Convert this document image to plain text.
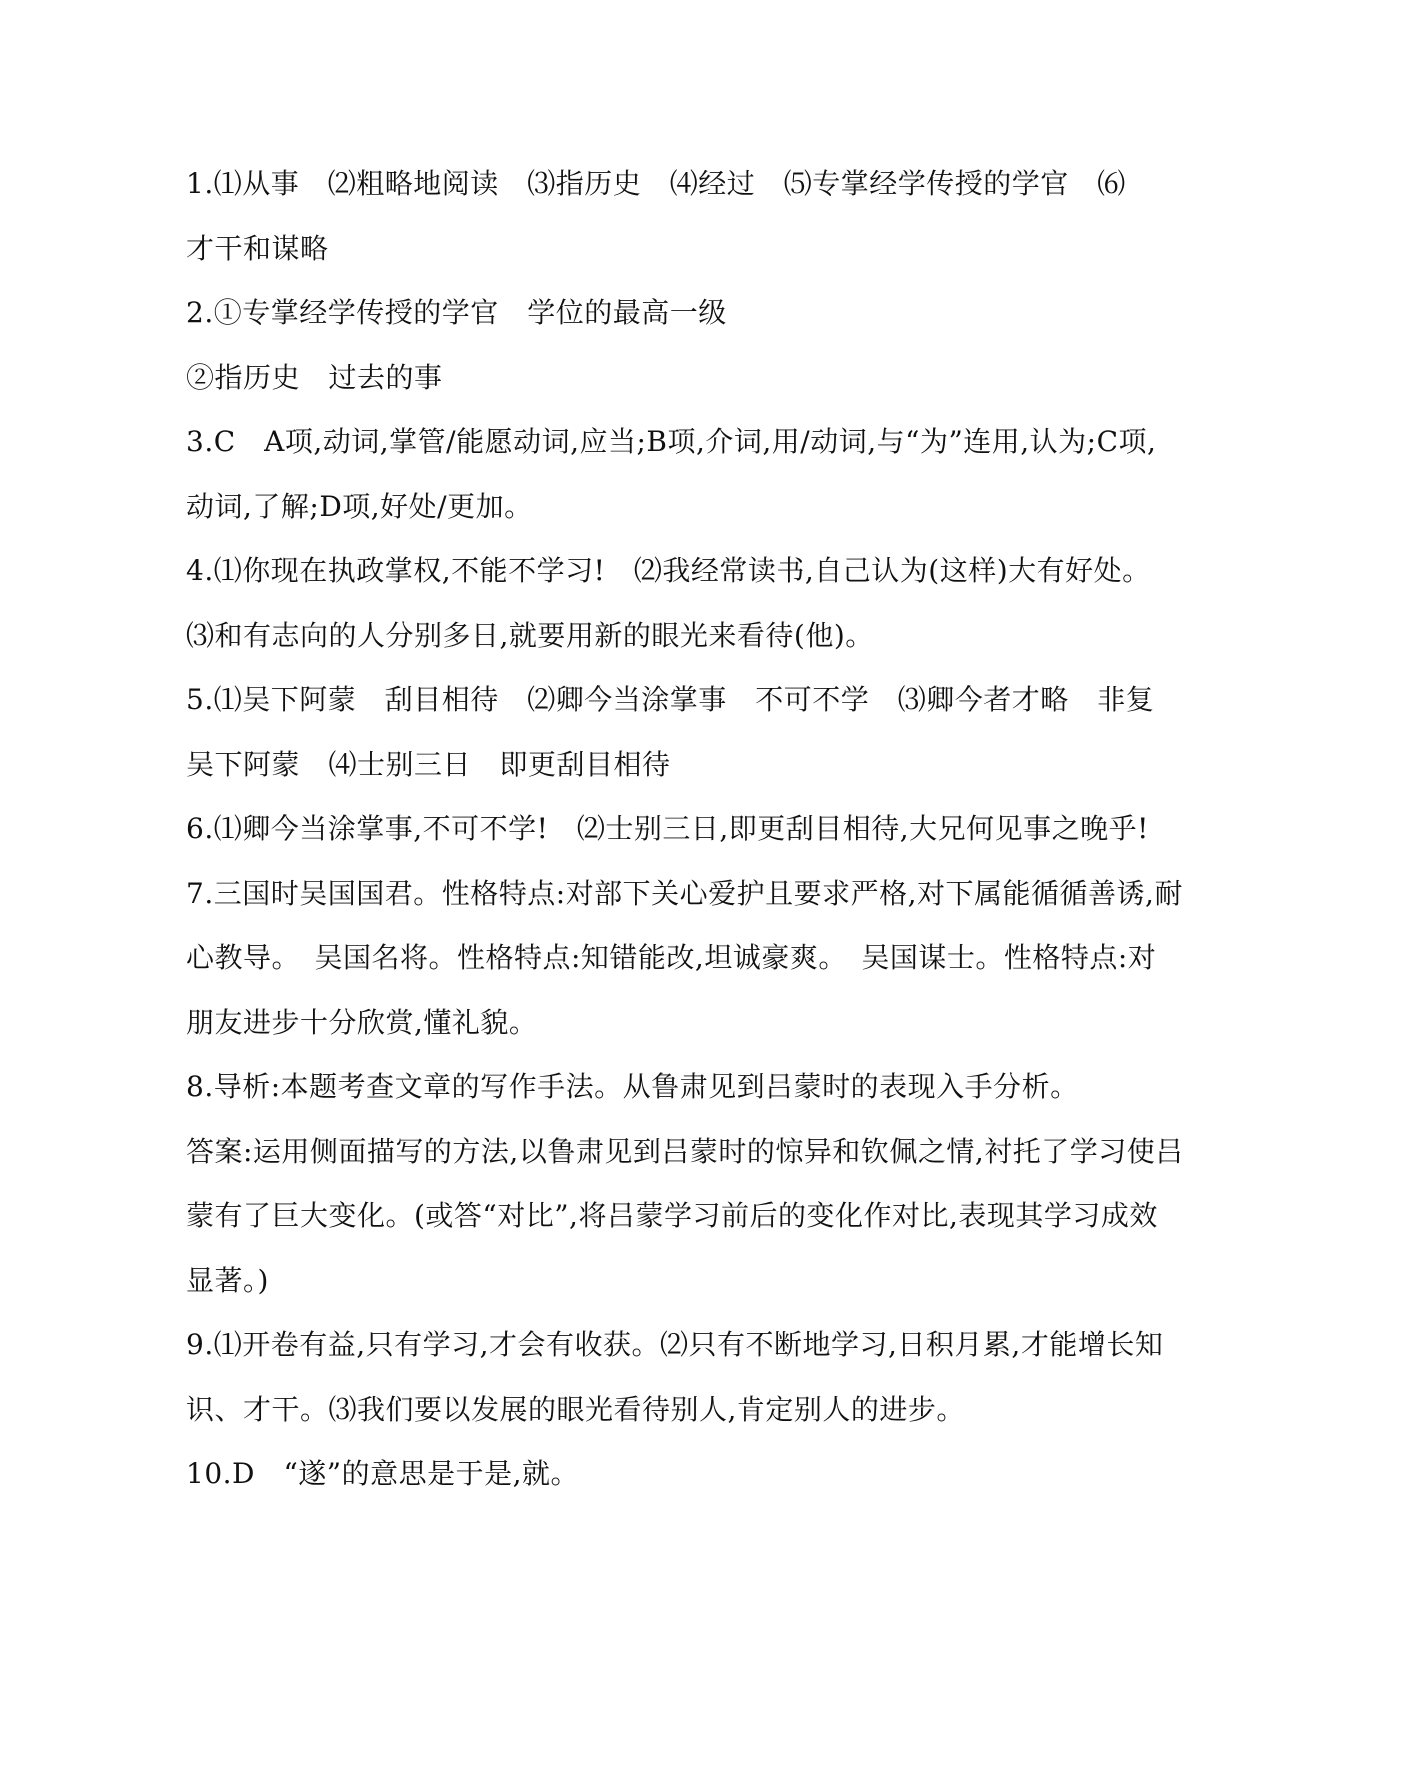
1.⑴从事　⑵粗略地阅读　⑶指历史　⑷经过　⑸专掌经学传授的学官　⑹
才干和谋略
2.①专掌经学传授的学官　学位的最高一级
②指历史　过去的事
3.C　A项,动词,掌管/能愿动词,应当;B项,介词,用/动词,与“为”连用,认为;C项,
动词,了解;D项,好处/更加。
4.⑴你现在执政掌权,不能不学习!　⑵我经常读书,自己认为(这样)大有好处。
⑶和有志向的人分别多日,就要用新的眼光来看待(他)。
5.⑴吴下阿蒙　刮目相待　⑵卿今当涂掌事　不可不学　⑶卿今者才略　非复
吴下阿蒙　⑷士别三日　即更刮目相待
6.⑴卿今当涂掌事,不可不学!　⑵士别三日,即更刮目相待,大兄何见事之晚乎!
7.三国时吴国国君。性格特点:对部下关心爱护且要求严格,对下属能循循善诱,耐
心教导。　吴国名将。性格特点:知错能改,坦诚豪爽。　吴国谋士。性格特点:对
朋友进步十分欣赏,懂礼貌。
8.导析:本题考查文章的写作手法。从鲁肃见到吕蒙时的表现入手分析。
答案:运用侧面描写的方法,以鲁肃见到吕蒙时的惊异和钦佩之情,衬托了学习使吕
蒙有了巨大变化。(或答“对比”,将吕蒙学习前后的变化作对比,表现其学习成效
显著。)
9.⑴开卷有益,只有学习,才会有收获。⑵只有不断地学习,日积月累,才能增长知
识、才干。⑶我们要以发展的眼光看待别人,肯定别人的进步。
10.D　“遂”的意思是于是,就。
